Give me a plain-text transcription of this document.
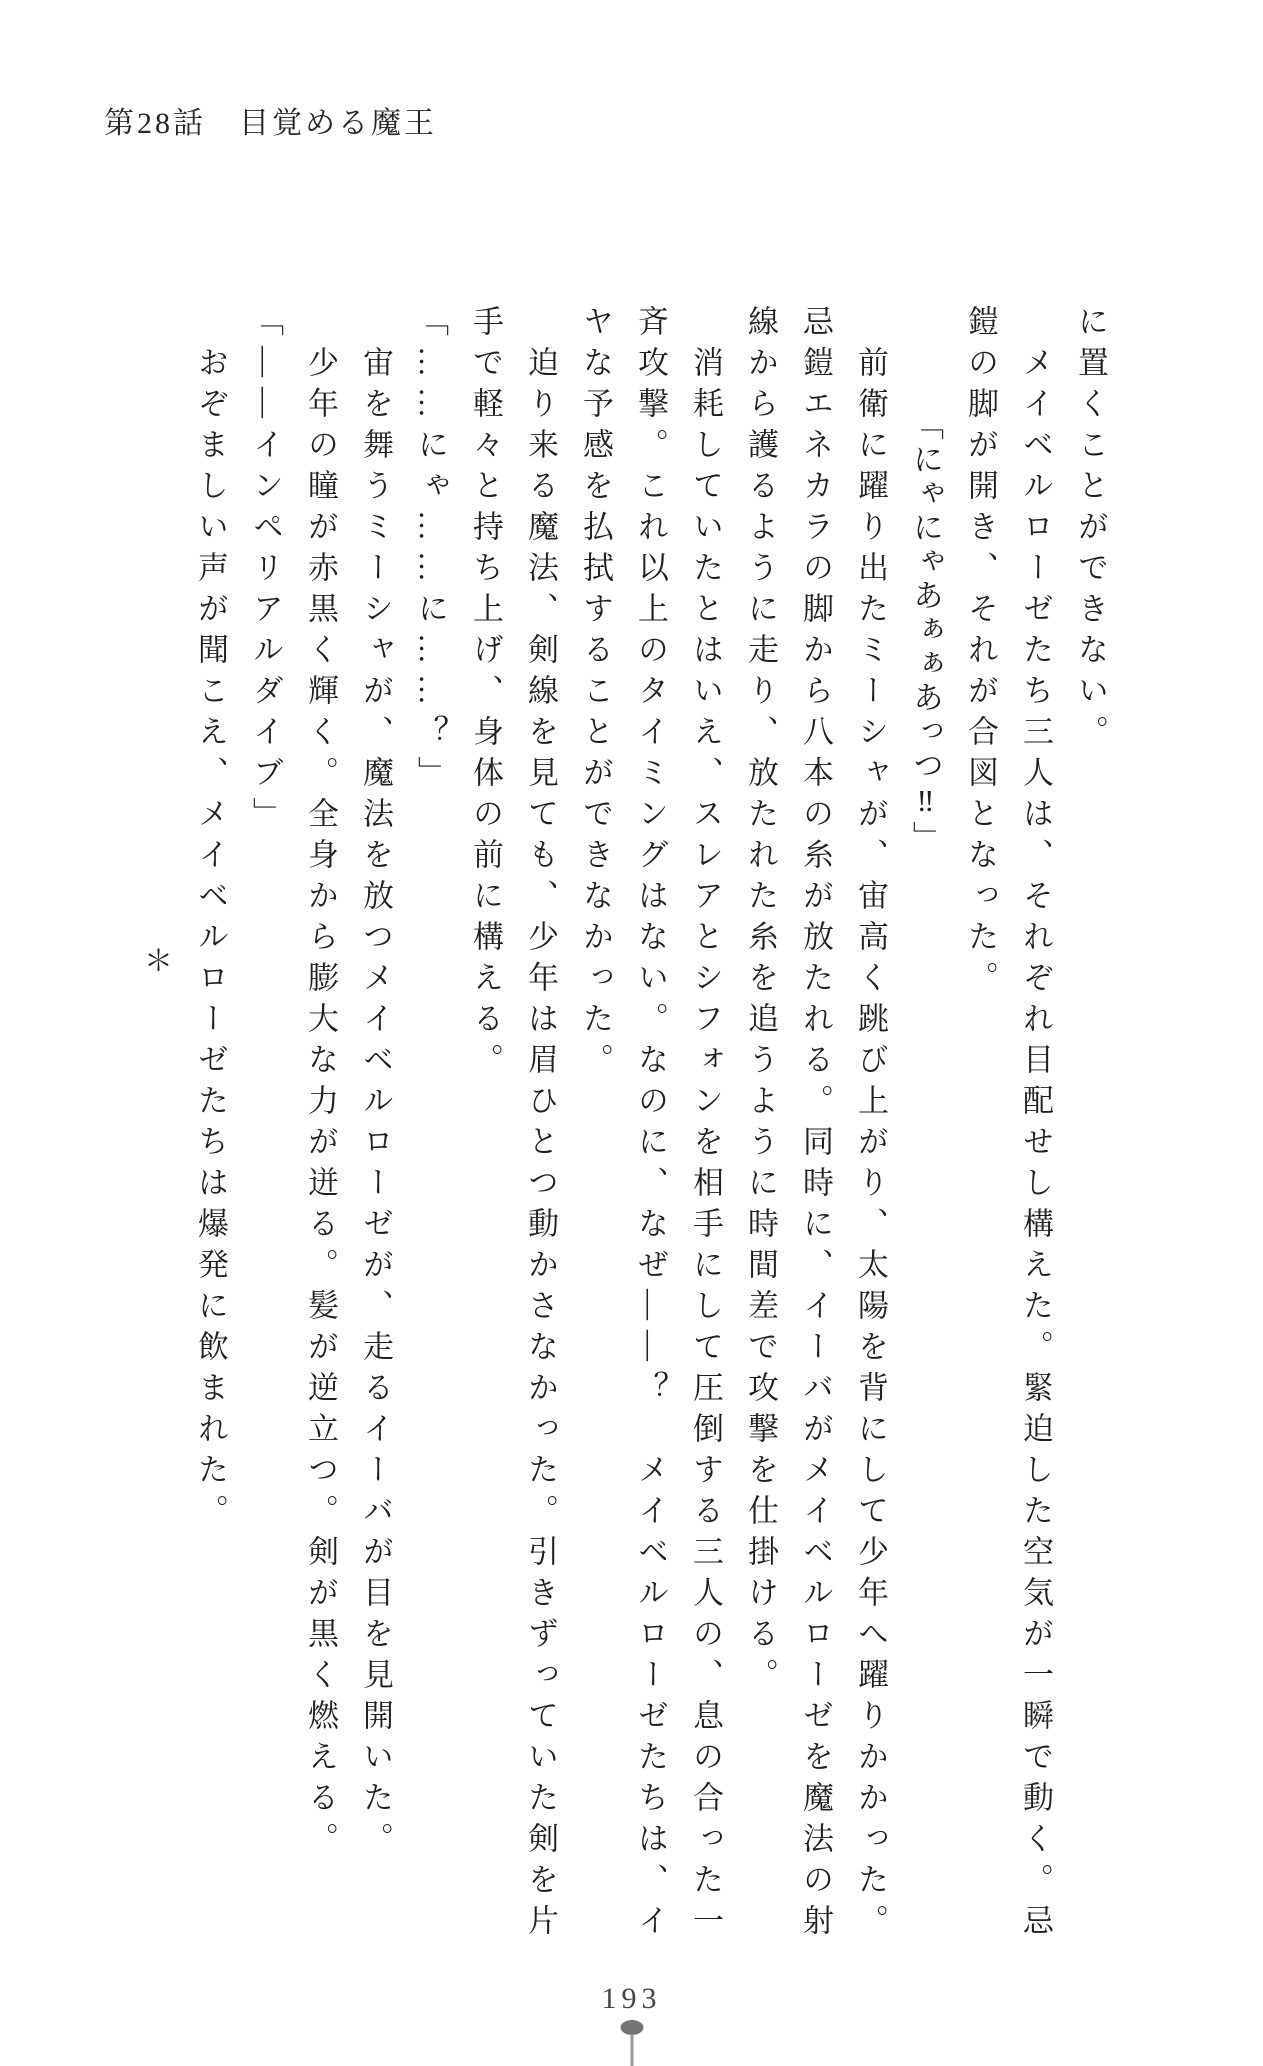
第28話　目覚める魔王

に置くことができない。

メイベルローゼたち三人は、それぞれ目配せし構えた。緊迫した空気が一瞬で動く。忌

鎧の脚が開き、それが合図となった。

「にゃにゃあぁぁあっつ‼」

前衛に躍り出たミーシャが、宙高く跳び上がり、太陽を背にして少年へ躍りかかった。

忌鎧エネカラの脚から八本の糸が放たれる。同時に、イーバがメイベルローゼを魔法の射

線から護るように走り、放たれた糸を追うように時間差で攻撃を仕掛ける。

消耗していたとはいえ、スレアとシフォンを相手にして圧倒する三人の、息の合った一

斉攻撃。これ以上のタイミングはない。なのに、なぜ――？　メイベルローゼたちは、イ

ヤな予感を払拭することができなかった。

迫り来る魔法、剣線を見ても、少年は眉ひとつ動かさなかった。引きずっていた剣を片

手で軽々と持ち上げ、身体の前に構える。

「……にゃ……に……？」

宙を舞うミーシャが、魔法を放つメイベルローゼが、走るイーバが目を見開いた。

少年の瞳が赤黒く輝く。全身から膨大な力が迸る。髪が逆立つ。剣が黒く燃える。

「――インペリアルダイブ」

おぞましい声が聞こえ、メイベルローゼたちは爆発に飲まれた。

＊

193
